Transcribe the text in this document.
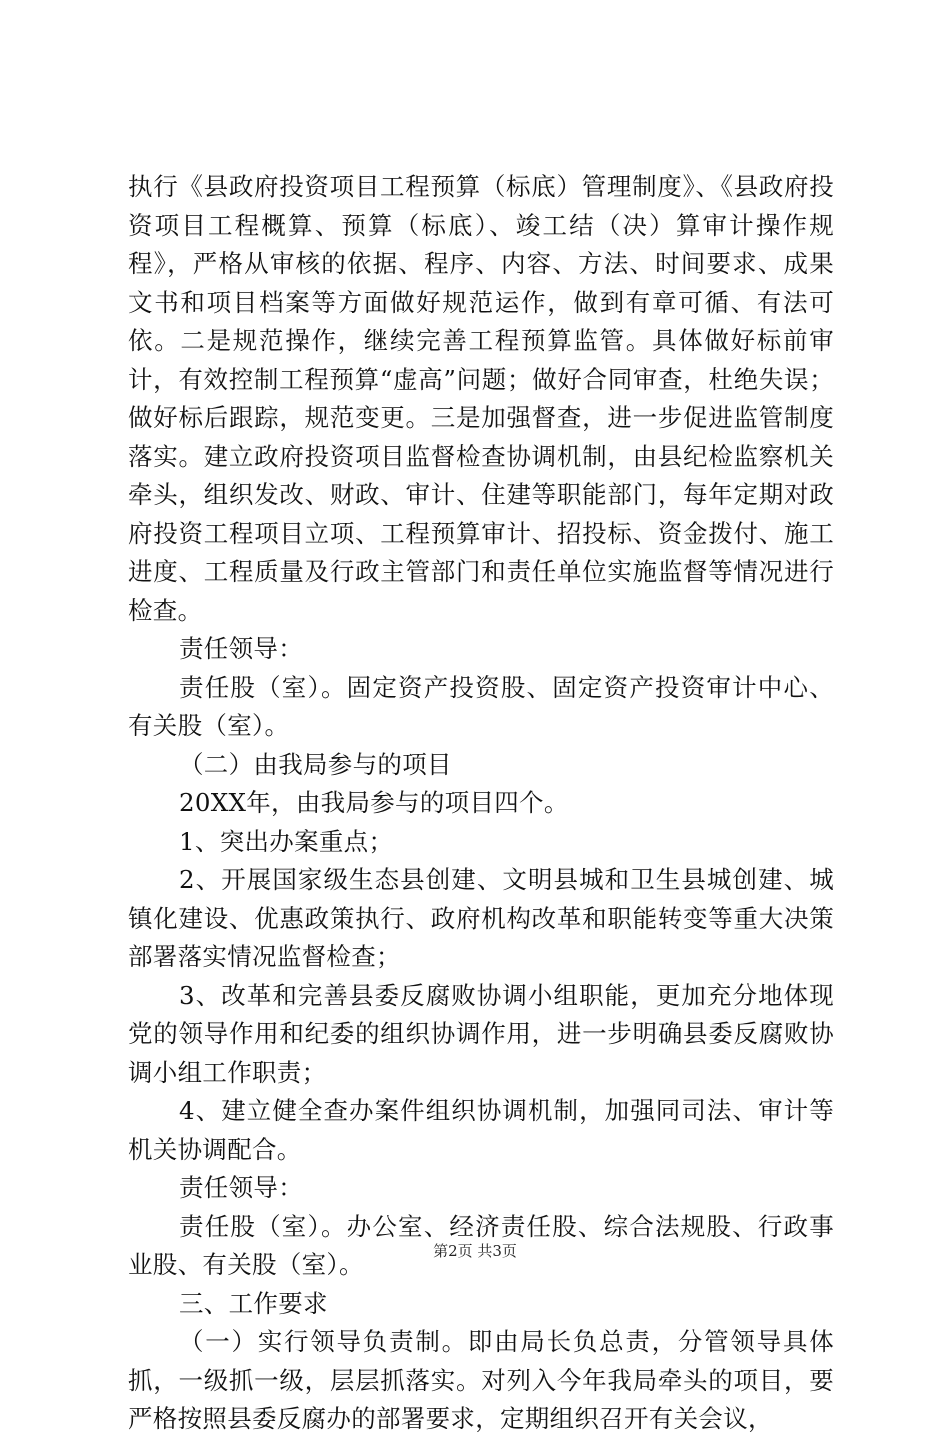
执行《县政府投资项目工程预算（标底）管理制度》、《县政府投资项目工程概算、预算（标底）、竣工结（决）算审计操作规程》，严格从审核的依据、程序、内容、方法、时间要求、成果文书和项目档案等方面做好规范运作，做到有章可循、有法可依。二是规范操作，继续完善工程预算监管。具体做好标前审计，有效控制工程预算“虚高”问题；做好合同审查，杜绝失误；做好标后跟踪，规范变更。三是加强督查，进一步促进监管制度落实。建立政府投资项目监督检查协调机制，由县纪检监察机关牵头，组织发改、财政、审计、住建等职能部门，每年定期对政府投资工程项目立项、工程预算审计、招投标、资金拨付、施工进度、工程质量及行政主管部门和责任单位实施监督等情况进行检查。

责任领导：

责任股（室）。固定资产投资股、固定资产投资审计中心、有关股（室）。

（二）由我局参与的项目

20XX年，由我局参与的项目四个。

1、突出办案重点；

2、开展国家级生态县创建、文明县城和卫生县城创建、城镇化建设、优惠政策执行、政府机构改革和职能转变等重大决策部署落实情况监督检查；

3、改革和完善县委反腐败协调小组职能，更加充分地体现党的领导作用和纪委的组织协调作用，进一步明确县委反腐败协调小组工作职责；

4、建立健全查办案件组织协调机制，加强同司法、审计等机关协调配合。

责任领导：

责任股（室）。办公室、经济责任股、综合法规股、行政事业股、有关股（室）。

三、工作要求

（一）实行领导负责制。即由局长负总责，分管领导具体抓，一级抓一级，层层抓落实。对列入今年我局牵头的项目，要严格按照县委反腐办的部署要求，定期组织召开有关会议，

第2页 共3页
